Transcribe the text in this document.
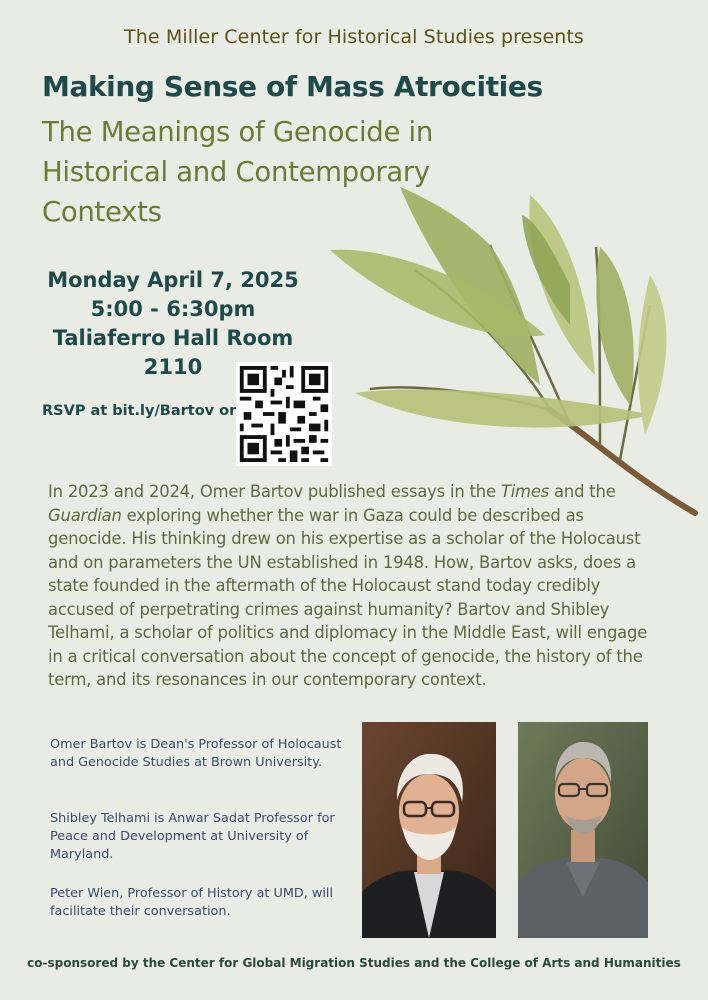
The Miller Center for Historical Studies presents
Making Sense of Mass Atrocities
The Meanings of Genocide in Historical and Contemporary Contexts
Monday April 7, 2025
5:00 - 6:30pm
Taliaferro Hall Room 2110
RSVP at bit.ly/Bartov or
In 2023 and 2024, Omer Bartov published essays in the Times and the Guardian exploring whether the war in Gaza could be described as genocide. His thinking drew on his expertise as a scholar of the Holocaust and on parameters the UN established in 1948. How, Bartov asks, does a state founded in the aftermath of the Holocaust stand today credibly accused of perpetrating crimes against humanity? Bartov and Shibley Telhami, a scholar of politics and diplomacy in the Middle East, will engage in a critical conversation about the concept of genocide, the history of the term, and its resonances in our contemporary context.
Omer Bartov is Dean's Professor of Holocaust and Genocide Studies at Brown University.
Shibley Telhami is Anwar Sadat Professor for Peace and Development at University of Maryland.
Peter Wien, Professor of History at UMD, will facilitate their conversation.
co-sponsored by the Center for Global Migration Studies and the College of Arts and Humanities
